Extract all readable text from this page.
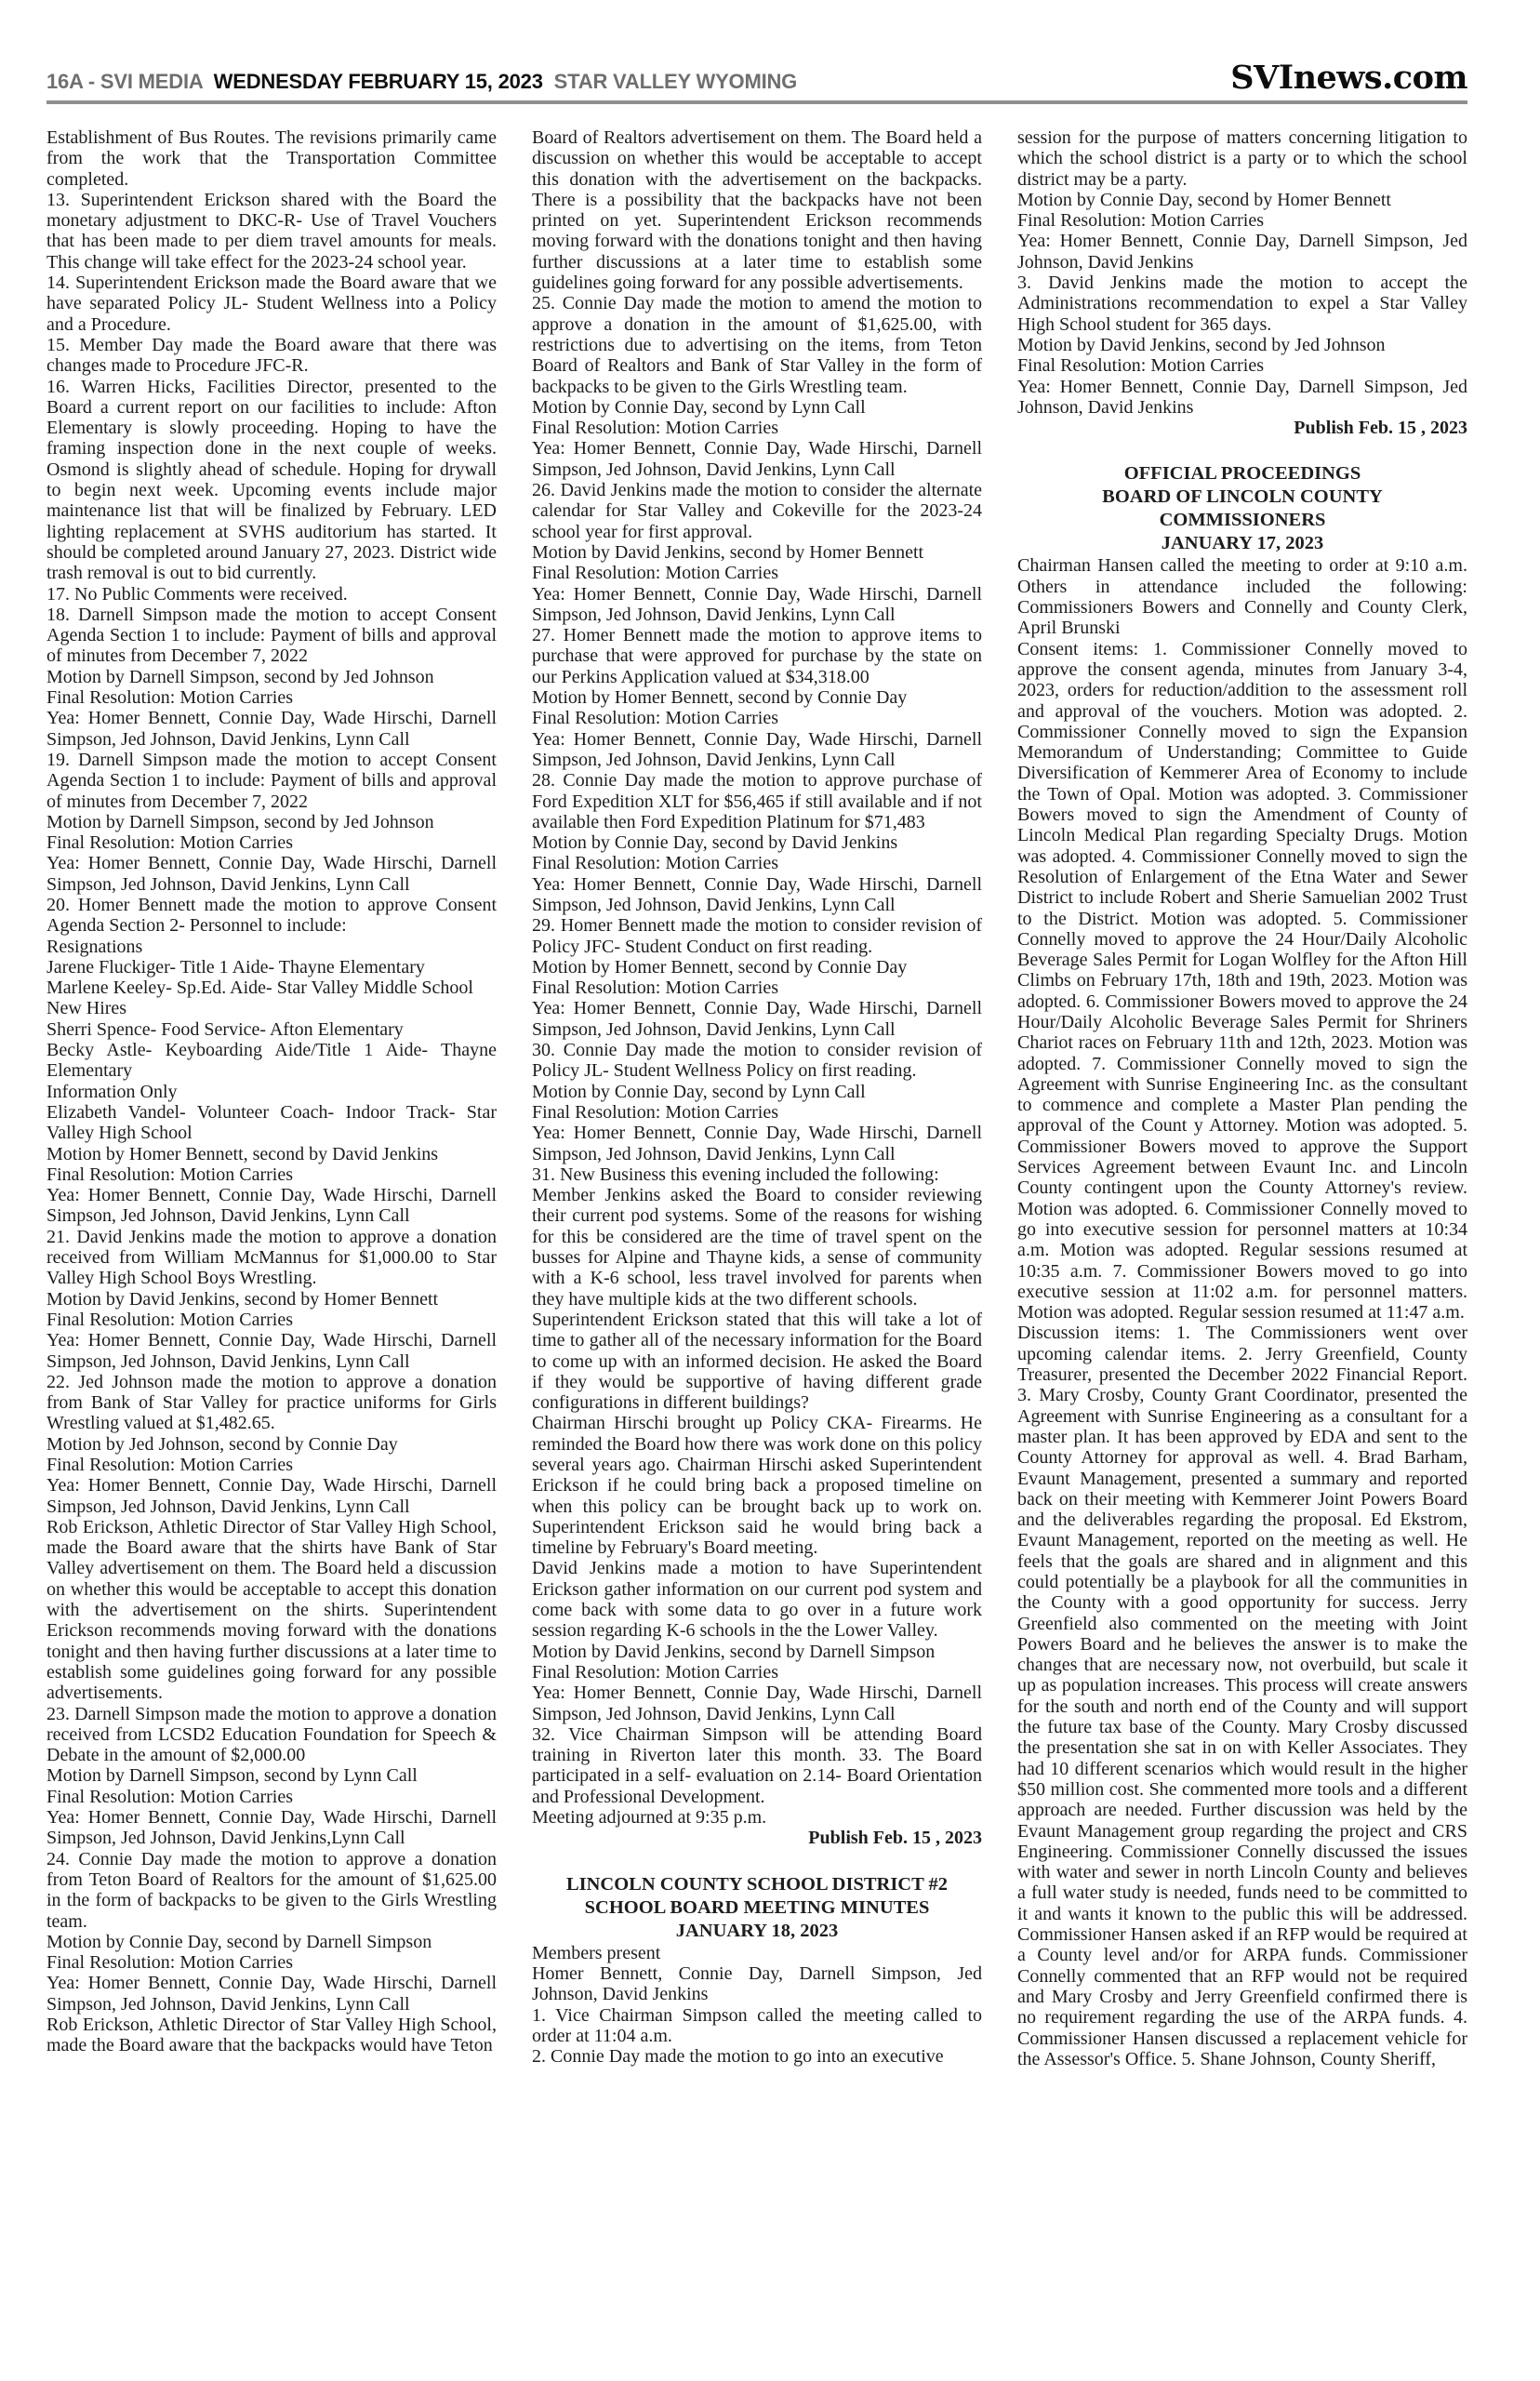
16A - SVI MEDIA WEDNESDAY FEBRUARY 15, 2023 STAR VALLEY WYOMING	SVInews.com

Establishment of Bus Routes. The revisions primarily came from the work that the Transportation Committee completed.

13. Superintendent Erickson shared with the Board the monetary adjustment to DKC-R- Use of Travel Vouchers that has been made to per diem travel amounts for meals. This change will take effect for the 2023-24 school year.

14. Superintendent Erickson made the Board aware that we have separated Policy JL- Student Wellness into a Policy and a Procedure.

15. Member Day made the Board aware that there was changes made to Procedure JFC-R.

16. Warren Hicks, Facilities Director, presented to the Board a current report on our facilities to include: Afton Elementary is slowly proceeding. Hoping to have the framing inspection done in the next couple of weeks. Osmond is slightly ahead of schedule. Hoping for drywall to begin next week. Upcoming events include major maintenance list that will be finalized by February. LED lighting replacement at SVHS auditorium has started. It should be completed around January 27, 2023. District wide trash removal is out to bid currently.

17. No Public Comments were received.

18. Darnell Simpson made the motion to accept Consent Agenda Section 1 to include: Payment of bills and approval of minutes from December 7, 2022

Motion by Darnell Simpson, second by Jed Johnson

Final Resolution: Motion Carries

Yea: Homer Bennett, Connie Day, Wade Hirschi, Darnell Simpson, Jed Johnson, David Jenkins, Lynn Call

19. Darnell Simpson made the motion to accept Consent Agenda Section 1 to include: Payment of bills and approval of minutes from December 7, 2022

Motion by Darnell Simpson, second by Jed Johnson

Final Resolution: Motion Carries

Yea: Homer Bennett, Connie Day, Wade Hirschi, Darnell Simpson, Jed Johnson, David Jenkins, Lynn Call

20. Homer Bennett made the motion to approve Consent Agenda Section 2- Personnel to include:

Resignations

Jarene Fluckiger- Title 1 Aide- Thayne Elementary

Marlene Keeley- Sp.Ed. Aide- Star Valley Middle School

New Hires

Sherri Spence- Food Service- Afton Elementary

Becky Astle- Keyboarding Aide/Title 1 Aide- Thayne Elementary

Information Only

Elizabeth Vandel- Volunteer Coach- Indoor Track- Star Valley High School

Motion by Homer Bennett, second by David Jenkins

Final Resolution: Motion Carries

Yea: Homer Bennett, Connie Day, Wade Hirschi, Darnell Simpson, Jed Johnson, David Jenkins, Lynn Call

21. David Jenkins made the motion to approve a donation received from William McMannus for $1,000.00 to Star Valley High School Boys Wrestling.

Motion by David Jenkins, second by Homer Bennett

Final Resolution: Motion Carries

Yea: Homer Bennett, Connie Day, Wade Hirschi, Darnell Simpson, Jed Johnson, David Jenkins, Lynn Call

22. Jed Johnson made the motion to approve a donation from Bank of Star Valley for practice uniforms for Girls Wrestling valued at $1,482.65.

Motion by Jed Johnson, second by Connie Day

Final Resolution: Motion Carries

Yea: Homer Bennett, Connie Day, Wade Hirschi, Darnell Simpson, Jed Johnson, David Jenkins, Lynn Call

Rob Erickson, Athletic Director of Star Valley High School, made the Board aware that the shirts have Bank of Star Valley advertisement on them. The Board held a discussion on whether this would be acceptable to accept this donation with the advertisement on the shirts. Superintendent Erickson recommends moving forward with the donations tonight and then having further discussions at a later time to establish some guidelines going forward for any possible advertisements.

23. Darnell Simpson made the motion to approve a donation received from LCSD2 Education Foundation for Speech & Debate in the amount of $2,000.00

Motion by Darnell Simpson, second by Lynn Call

Final Resolution: Motion Carries

Yea: Homer Bennett, Connie Day, Wade Hirschi, Darnell Simpson, Jed Johnson, David Jenkins,Lynn Call

24. Connie Day made the motion to approve a donation from Teton Board of Realtors for the amount of $1,625.00 in the form of backpacks to be given to the Girls Wrestling team.

Motion by Connie Day, second by Darnell Simpson

Final Resolution: Motion Carries

Yea: Homer Bennett, Connie Day, Wade Hirschi, Darnell Simpson, Jed Johnson, David Jenkins, Lynn Call

Rob Erickson, Athletic Director of Star Valley High School, made the Board aware that the backpacks would have Teton

Board of Realtors advertisement on them. The Board held a discussion on whether this would be acceptable to accept this donation with the advertisement on the backpacks. There is a possibility that the backpacks have not been printed on yet. Superintendent Erickson recommends moving forward with the donations tonight and then having further discussions at a later time to establish some guidelines going forward for any possible advertisements.

25. Connie Day made the motion to amend the motion to approve a donation in the amount of $1,625.00, with restrictions due to advertising on the items, from Teton Board of Realtors and Bank of Star Valley in the form of backpacks to be given to the Girls Wrestling team.

Motion by Connie Day, second by Lynn Call

Final Resolution: Motion Carries

Yea: Homer Bennett, Connie Day, Wade Hirschi, Darnell Simpson, Jed Johnson, David Jenkins, Lynn Call

26. David Jenkins made the motion to consider the alternate calendar for Star Valley and Cokeville for the 2023-24 school year for first approval.

Motion by David Jenkins, second by Homer Bennett

Final Resolution: Motion Carries

Yea: Homer Bennett, Connie Day, Wade Hirschi, Darnell Simpson, Jed Johnson, David Jenkins, Lynn Call

27. Homer Bennett made the motion to approve items to purchase that were approved for purchase by the state on our Perkins Application valued at $34,318.00

Motion by Homer Bennett, second by Connie Day

Final Resolution: Motion Carries

Yea: Homer Bennett, Connie Day, Wade Hirschi, Darnell Simpson, Jed Johnson, David Jenkins, Lynn Call

28. Connie Day made the motion to approve purchase of Ford Expedition XLT for $56,465 if still available and if not available then Ford Expedition Platinum for $71,483

Motion by Connie Day, second by David Jenkins

Final Resolution: Motion Carries

Yea: Homer Bennett, Connie Day, Wade Hirschi, Darnell Simpson, Jed Johnson, David Jenkins, Lynn Call

29. Homer Bennett made the motion to consider revision of Policy JFC- Student Conduct on first reading.

Motion by Homer Bennett, second by Connie Day

Final Resolution: Motion Carries

Yea: Homer Bennett, Connie Day, Wade Hirschi, Darnell Simpson, Jed Johnson, David Jenkins, Lynn Call

30. Connie Day made the motion to consider revision of Policy JL- Student Wellness Policy on first reading.

Motion by Connie Day, second by Lynn Call

Final Resolution: Motion Carries

Yea: Homer Bennett, Connie Day, Wade Hirschi, Darnell Simpson, Jed Johnson, David Jenkins, Lynn Call

31. New Business this evening included the following:

Member Jenkins asked the Board to consider reviewing their current pod systems. Some of the reasons for wishing for this be considered are the time of travel spent on the busses for Alpine and Thayne kids, a sense of community with a K-6 school, less travel involved for parents when they have multiple kids at the two different schools.

Superintendent Erickson stated that this will take a lot of time to gather all of the necessary information for the Board to come up with an informed decision. He asked the Board if they would be supportive of having different grade configurations in different buildings?

Chairman Hirschi brought up Policy CKA- Firearms. He reminded the Board how there was work done on this policy several years ago. Chairman Hirschi asked Superintendent Erickson if he could bring back a proposed timeline on when this policy can be brought back up to work on. Superintendent Erickson said he would bring back a timeline by February's Board meeting.

David Jenkins made a motion to have Superintendent Erickson gather information on our current pod system and come back with some data to go over in a future work session regarding K-6 schools in the the Lower Valley.

Motion by David Jenkins, second by Darnell Simpson

Final Resolution: Motion Carries

Yea: Homer Bennett, Connie Day, Wade Hirschi, Darnell Simpson, Jed Johnson, David Jenkins, Lynn Call

32. Vice Chairman Simpson will be attending Board training in Riverton later this month. 33. The Board participated in a self- evaluation on 2.14- Board Orientation and Professional Development.

Meeting adjourned at 9:35 p.m.

Publish Feb. 15 , 2023

LINCOLN COUNTY SCHOOL DISTRICT #2

SCHOOL BOARD MEETING MINUTES

JANUARY 18, 2023

Members present

Homer Bennett, Connie Day, Darnell Simpson, Jed Johnson, David Jenkins

1. Vice Chairman Simpson called the meeting called to order at 11:04 a.m.

2. Connie Day made the motion to go into an executive

session for the purpose of matters concerning litigation to which the school district is a party or to which the school district may be a party.

Motion by Connie Day, second by Homer Bennett

Final Resolution: Motion Carries

Yea: Homer Bennett, Connie Day, Darnell Simpson, Jed Johnson, David Jenkins

3. David Jenkins made the motion to accept the Administrations recommendation to expel a Star Valley High School student for 365 days.

Motion by David Jenkins, second by Jed Johnson

Final Resolution: Motion Carries

Yea: Homer Bennett, Connie Day, Darnell Simpson, Jed Johnson, David Jenkins

Publish Feb. 15 , 2023

OFFICIAL PROCEEDINGS

BOARD OF LINCOLN COUNTY COMMISSIONERS

JANUARY 17, 2023

Chairman Hansen called the meeting to order at 9:10 a.m. Others in attendance included the following: Commissioners Bowers and Connelly and County Clerk, April Brunski

Consent items: 1. Commissioner Connelly moved to approve the consent agenda, minutes from January 3-4, 2023, orders for reduction/addition to the assessment roll and approval of the vouchers. Motion was adopted. 2. Commissioner Connelly moved to sign the Expansion Memorandum of Understanding; Committee to Guide Diversification of Kemmerer Area of Economy to include the Town of Opal. Motion was adopted. 3. Commissioner Bowers moved to sign the Amendment of County of Lincoln Medical Plan regarding Specialty Drugs. Motion was adopted. 4. Commissioner Connelly moved to sign the Resolution of Enlargement of the Etna Water and Sewer District to include Robert and Sherie Samuelian 2002 Trust to the District. Motion was adopted. 5. Commissioner Connelly moved to approve the 24 Hour/Daily Alcoholic Beverage Sales Permit for Logan Wolfley for the Afton Hill Climbs on February 17th, 18th and 19th, 2023. Motion was adopted. 6. Commissioner Bowers moved to approve the 24 Hour/Daily Alcoholic Beverage Sales Permit for Shriners Chariot races on February 11th and 12th, 2023. Motion was adopted. 7. Commissioner Connelly moved to sign the Agreement with Sunrise Engineering Inc. as the consultant to commence and complete a Master Plan pending the approval of the Count y Attorney. Motion was adopted. 5. Commissioner Bowers moved to approve the Support Services Agreement between Evaunt Inc. and Lincoln County contingent upon the County Attorney's review. Motion was adopted. 6. Commissioner Connelly moved to go into executive session for personnel matters at 10:34 a.m. Motion was adopted. Regular sessions resumed at 10:35 a.m. 7. Commissioner Bowers moved to go into executive session at 11:02 a.m. for personnel matters. Motion was adopted. Regular session resumed at 11:47 a.m.

Discussion items: 1. The Commissioners went over upcoming calendar items. 2. Jerry Greenfield, County Treasurer, presented the December 2022 Financial Report. 3. Mary Crosby, County Grant Coordinator, presented the Agreement with Sunrise Engineering as a consultant for a master plan. It has been approved by EDA and sent to the County Attorney for approval as well. 4. Brad Barham, Evaunt Management, presented a summary and reported back on their meeting with Kemmerer Joint Powers Board and the deliverables regarding the proposal. Ed Ekstrom, Evaunt Management, reported on the meeting as well. He feels that the goals are shared and in alignment and this could potentially be a playbook for all the communities in the County with a good opportunity for success. Jerry Greenfield also commented on the meeting with Joint Powers Board and he believes the answer is to make the changes that are necessary now, not overbuild, but scale it up as population increases. This process will create answers for the south and north end of the County and will support the future tax base of the County. Mary Crosby discussed the presentation she sat in on with Keller Associates. They had 10 different scenarios which would result in the higher $50 million cost. She commented more tools and a different approach are needed. Further discussion was held by the Evaunt Management group regarding the project and CRS Engineering. Commissioner Connelly discussed the issues with water and sewer in north Lincoln County and believes a full water study is needed, funds need to be committed to it and wants it known to the public this will be addressed. Commissioner Hansen asked if an RFP would be required at a County level and/or for ARPA funds. Commissioner Connelly commented that an RFP would not be required and Mary Crosby and Jerry Greenfield confirmed there is no requirement regarding the use of the ARPA funds. 4. Commissioner Hansen discussed a replacement vehicle for the Assessor's Office. 5. Shane Johnson, County Sheriff,
